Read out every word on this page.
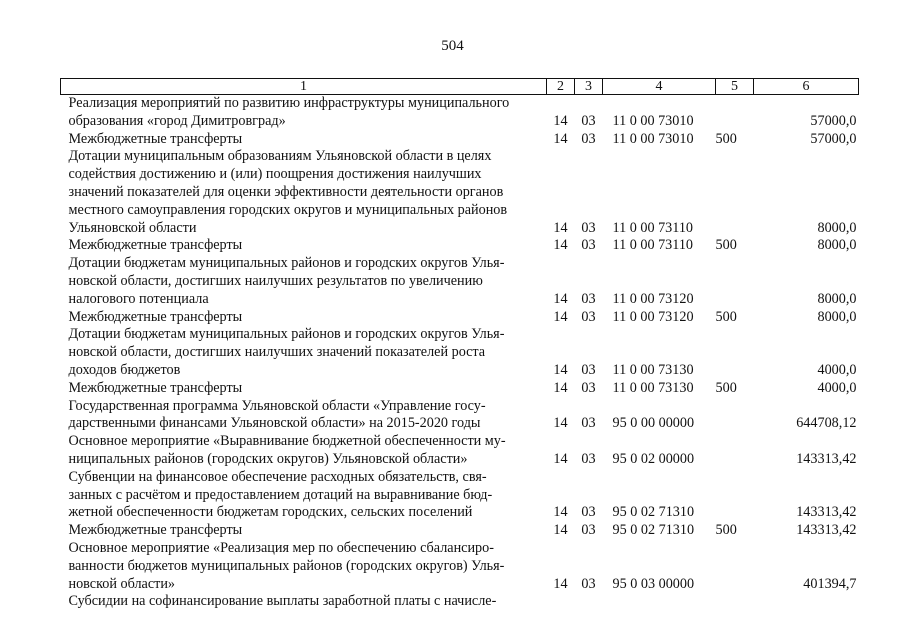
504
1	2	3	4	5	6

Реализация мероприятий по развитию инфраструктуры муниципального
образования «город Димитровград»	14	03	11 0 00 73010		57000,0

Межбюджетные трансферты	14	03	11 0 00 73010	500	57000,0

Дотации муниципальным образованиям Ульяновской области в целях
содействия достижению и (или) поощрения достижения наилучших
значений показателей для оценки эффективности деятельности органов
местного самоуправления городских округов и муниципальных районов
Ульяновской области	14	03	11 0 00 73110		8000,0

Межбюджетные трансферты	14	03	11 0 00 73110	500	8000,0

Дотации бюджетам муниципальных районов и городских округов Улья-
новской области, достигших наилучших результатов по увеличению
налогового потенциала	14	03	11 0 00 73120		8000,0

Межбюджетные трансферты	14	03	11 0 00 73120	500	8000,0

Дотации бюджетам муниципальных районов и городских округов Улья-
новской области, достигших наилучших значений показателей роста
доходов бюджетов	14	03	11 0 00 73130		4000,0

Межбюджетные трансферты	14	03	11 0 00 73130	500	4000,0

Государственная программа Ульяновской области «Управление госу-
дарственными финансами Ульяновской области» на 2015-2020 годы	14	03	95 0 00 00000		644708,12

Основное мероприятие «Выравнивание бюджетной обеспеченности му-
ниципальных районов (городских округов) Ульяновской области»	14	03	95 0 02 00000		143313,42

Субвенции на финансовое обеспечение расходных обязательств, свя-
занных с расчётом и предоставлением дотаций на выравнивание бюд-
жетной обеспеченности бюджетам городских, сельских поселений	14	03	95 0 02 71310		143313,42

Межбюджетные трансферты	14	03	95 0 02 71310	500	143313,42

Основное мероприятие «Реализация мер по обеспечению сбалансиро-
ванности бюджетов муниципальных районов (городских округов) Улья-
новской области»	14	03	95 0 03 00000		401394,7

Субсидии на софинансирование выплаты заработной платы с начисле-					
